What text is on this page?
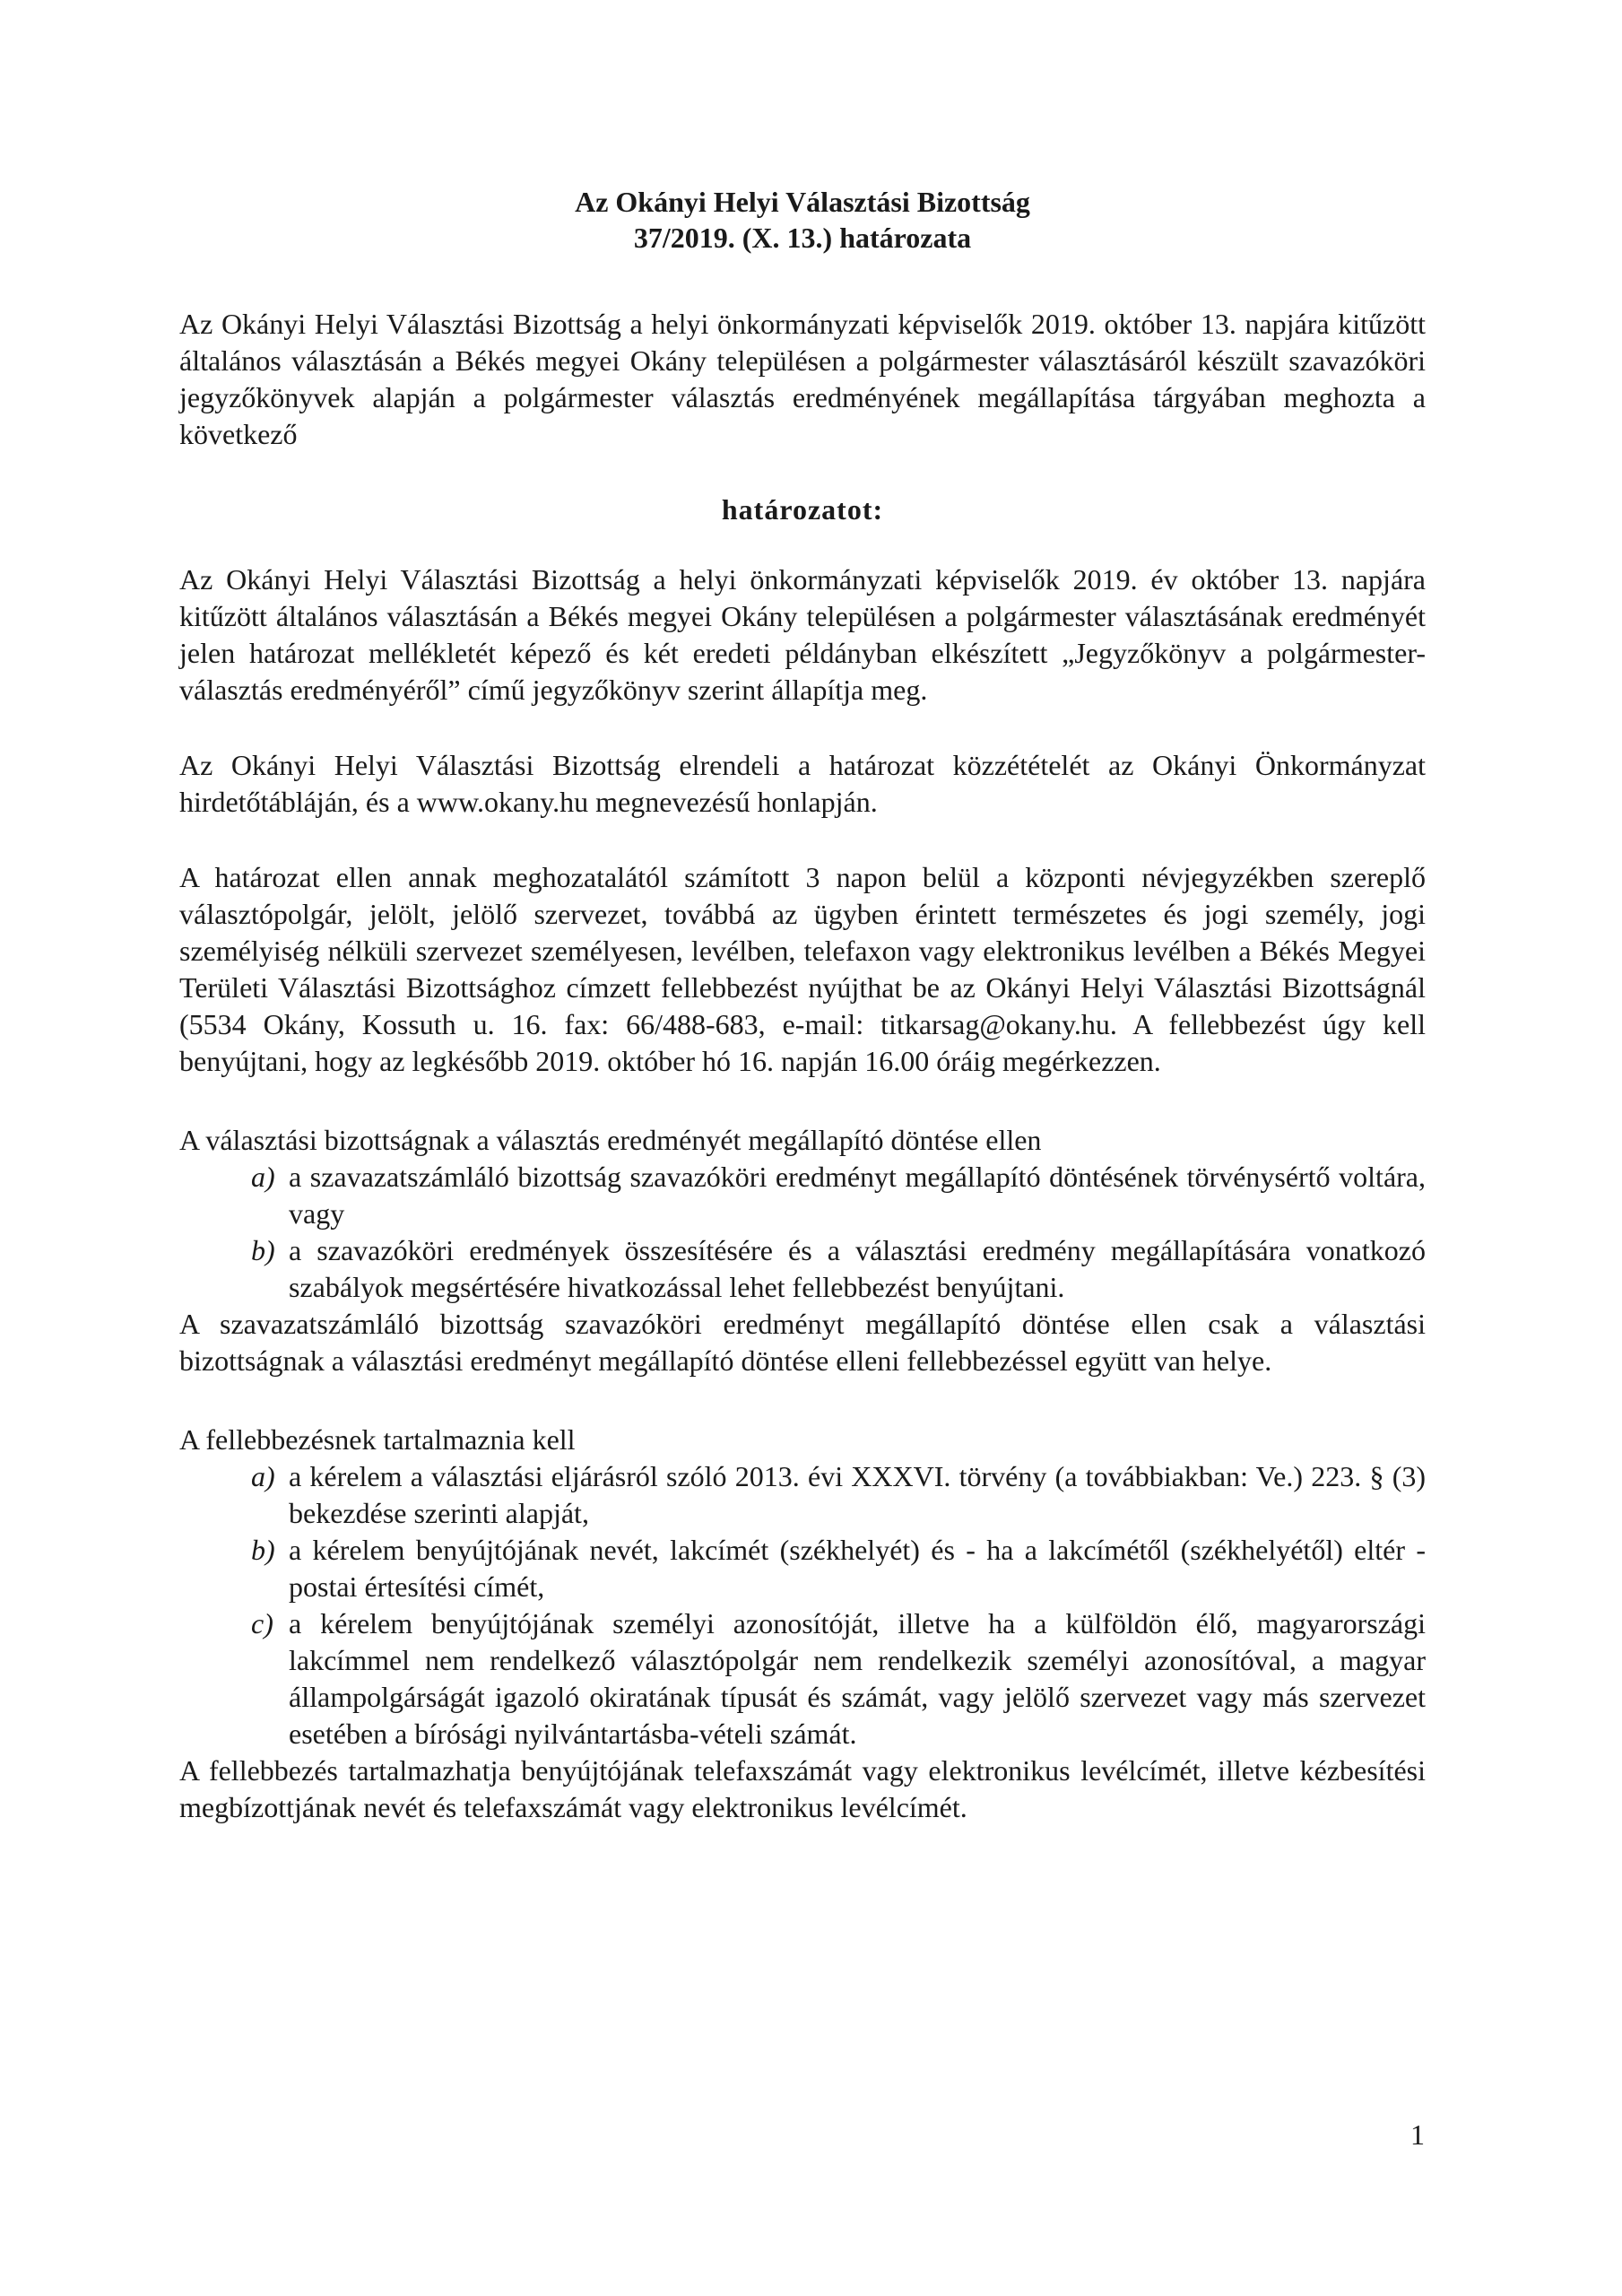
Az Okányi Helyi Választási Bizottság
37/2019. (X. 13.) határozata

Az Okányi Helyi Választási Bizottság a helyi önkormányzati képviselők 2019. október 13. napjára kitűzött általános választásán a Békés megyei Okány településen a polgármester választásáról készült szavazóköri jegyzőkönyvek alapján a polgármester választás eredményének megállapítása tárgyában meghozta a következő

határozatot:

Az Okányi Helyi Választási Bizottság a helyi önkormányzati képviselők 2019. év október 13. napjára kitűzött általános választásán a Békés megyei Okány településen a polgármester választásának eredményét jelen határozat mellékletét képező és két eredeti példányban elkészített „Jegyzőkönyv a polgármester-választás eredményéről” című jegyzőkönyv szerint állapítja meg.

Az Okányi Helyi Választási Bizottság elrendeli a határozat közzétételét az Okányi Önkormányzat hirdetőtábláján, és a www.okany.hu megnevezésű honlapján.

A határozat ellen annak meghozatalától számított 3 napon belül a központi névjegyzékben szereplő választópolgár, jelölt, jelölő szervezet, továbbá az ügyben érintett természetes és jogi személy, jogi személyiség nélküli szervezet személyesen, levélben, telefaxon vagy elektronikus levélben a Békés Megyei Területi Választási Bizottsághoz címzett fellebbezést nyújthat be az Okányi Helyi Választási Bizottságnál (5534 Okány, Kossuth u. 16. fax: 66/488-683, e-mail: titkarsag@okany.hu. A fellebbezést úgy kell benyújtani, hogy az legkésőbb 2019. október hó 16. napján 16.00 óráig megérkezzen.

A választási bizottságnak a választás eredményét megállapító döntése ellen

a) a szavazatszámláló bizottság szavazóköri eredményt megállapító döntésének törvénysértő voltára, vagy
b) a szavazóköri eredmények összesítésére és a választási eredmény megállapítására vonatkozó szabályok megsértésére hivatkozással lehet fellebbezést benyújtani.

A szavazatszámláló bizottság szavazóköri eredményt megállapító döntése ellen csak a választási bizottságnak a választási eredményt megállapító döntése elleni fellebbezéssel együtt van helye.

A fellebbezésnek tartalmaznia kell

a) a kérelem a választási eljárásról szóló 2013. évi XXXVI. törvény (a továbbiakban: Ve.) 223. § (3) bekezdése szerinti alapját,
b) a kérelem benyújtójának nevét, lakcímét (székhelyét) és - ha a lakcímétől (székhelyétől) eltér - postai értesítési címét,
c) a kérelem benyújtójának személyi azonosítóját, illetve ha a külföldön élő, magyarországi lakcímmel nem rendelkező választópolgár nem rendelkezik személyi azonosítóval, a magyar állampolgárságát igazoló okiratának típusát és számát, vagy jelölő szervezet vagy más szervezet esetében a bírósági nyilvántartásba-vételi számát.

A fellebbezés tartalmazhatja benyújtójának telefaxszámát vagy elektronikus levélcímét, illetve kézbesítési megbízottjának nevét és telefaxszámát vagy elektronikus levélcímét.

1
